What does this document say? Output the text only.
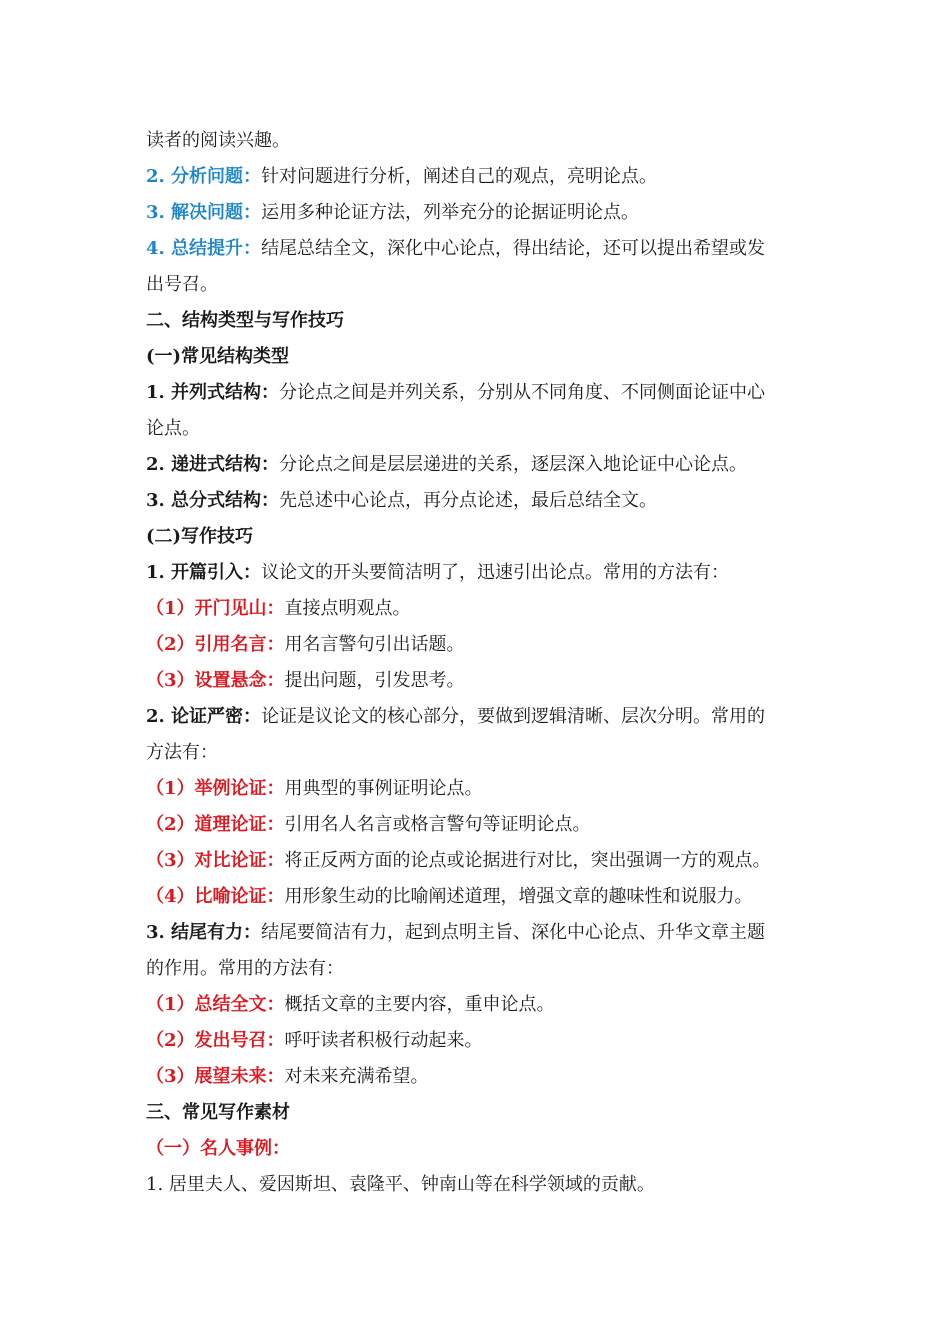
读者的阅读兴趣。
2. 分析问题：针对问题进行分析，阐述自己的观点，亮明论点。
3. 解决问题：运用多种论证方法，列举充分的论据证明论点。
4. 总结提升：结尾总结全文，深化中心论点，得出结论，还可以提出希望或发
出号召。
二、结构类型与写作技巧
(一)常见结构类型
1. 并列式结构：分论点之间是并列关系，分别从不同角度、不同侧面论证中心
论点。
2. 递进式结构：分论点之间是层层递进的关系，逐层深入地论证中心论点。
3. 总分式结构：先总述中心论点，再分点论述，最后总结全文。
(二)写作技巧
1. 开篇引入：议论文的开头要简洁明了，迅速引出论点。常用的方法有：
（1）开门见山：直接点明观点。
（2）引用名言：用名言警句引出话题。
（3）设置悬念：提出问题，引发思考。
2. 论证严密：论证是议论文的核心部分，要做到逻辑清晰、层次分明。常用的
方法有：
（1）举例论证：用典型的事例证明论点。
（2）道理论证：引用名人名言或格言警句等证明论点。
（3）对比论证：将正反两方面的论点或论据进行对比，突出强调一方的观点。
（4）比喻论证：用形象生动的比喻阐述道理，增强文章的趣味性和说服力。
3. 结尾有力：结尾要简洁有力，起到点明主旨、深化中心论点、升华文章主题
的作用。常用的方法有：
（1）总结全文：概括文章的主要内容，重申论点。
（2）发出号召：呼吁读者积极行动起来。
（3）展望未来：对未来充满希望。
三、常见写作素材
（一）名人事例：
1. 居里夫人、爱因斯坦、袁隆平、钟南山等在科学领域的贡献。
